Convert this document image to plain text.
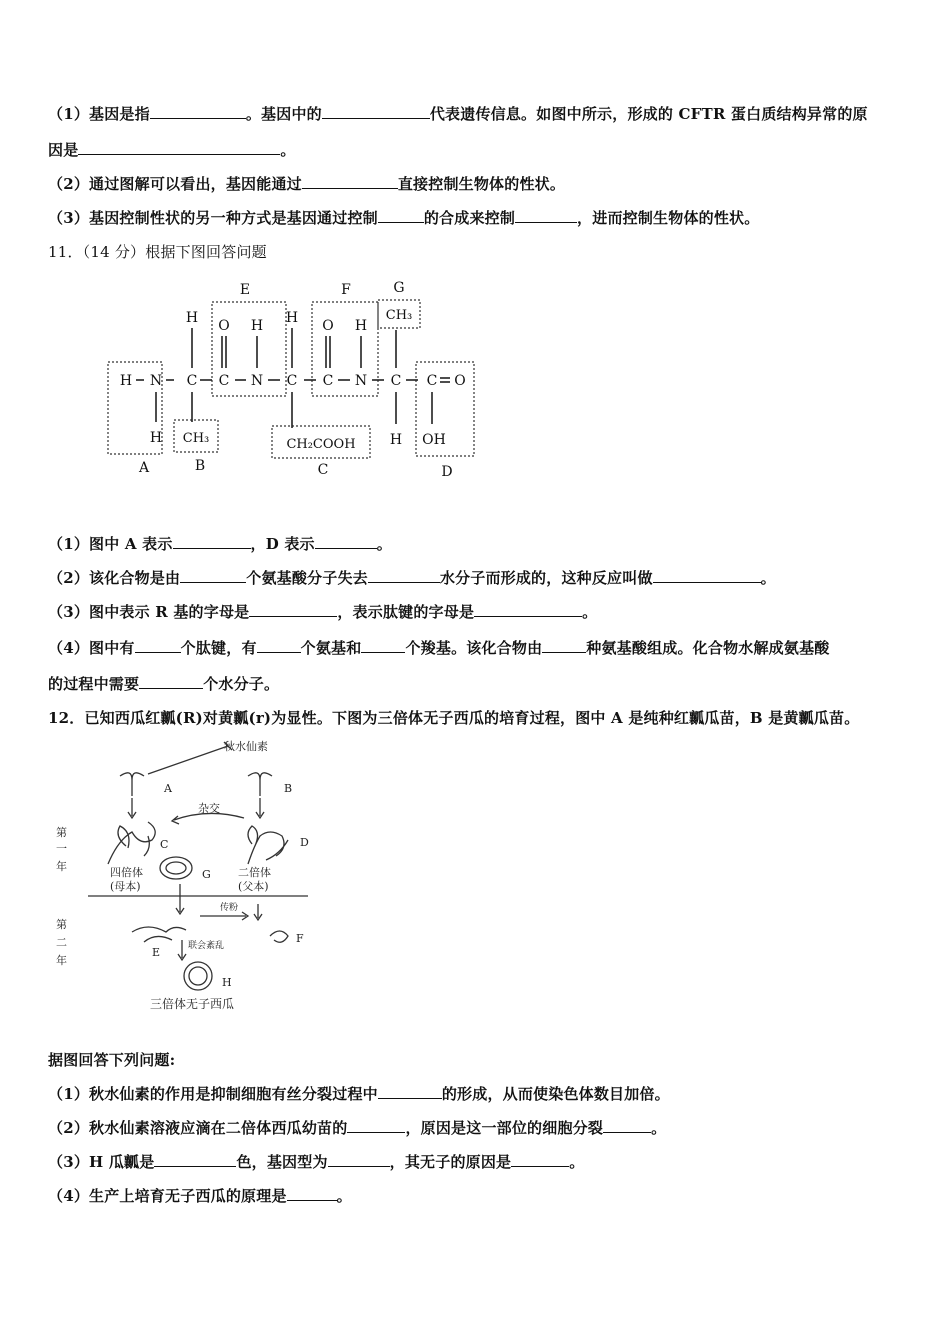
（1）基因是指	。基因中的	代表遗传信息。如图中所示，形成的 CFTR 蛋白质结构异常的原
因是	。
（2）通过图解可以看出，基因能通过	直接控制生物体的性状。
（3）基因控制性状的另一种方式是基因通过控制	的合成来控制	，进而控制生物体的性状。
11．（14 分）根据下图回答问题
H N
H
C
H
C
O
N
H
C
H
C
O
N
H
C
H
C O
OH
CH₃	CH₂COOH
CH₃
A	B	C	D
E	F	G
（1）图中 A 表示	，D 表示	。
（2）该化合物是由	个氨基酸分子失去	水分子而形成的，这种反应叫做	。
（3）图中表示 R 基的字母是	，表示肽键的字母是	。
（4）图中有	个肽键，有	个氨基和	个羧基。该化合物由	种氨基酸组成。化合物水解成氨基酸
的过程中需要	个水分子。
12．已知西瓜红瓤(R)对黄瓤(r)为显性。下图为三倍体无子西瓜的培育过程，图中 A 是纯种红瓤瓜苗，B 是黄瓤瓜苗。
秋水仙素
杂交
第
一
年
第
二
年
四倍体
(母本)
二倍体
(父本)
传粉
联会紊乱
三倍体无子西瓜
A	B
C	D
E
F
G
H
据图回答下列问题:
（1）秋水仙素的作用是抑制细胞有丝分裂过程中	的形成，从而使染色体数目加倍。
（2）秋水仙素溶液应滴在二倍体西瓜幼苗的	，原因是这一部位的细胞分裂	。
（3）H 瓜瓤是	色，基因型为	，其无子的原因是	。
（4）生产上培育无子西瓜的原理是	。
